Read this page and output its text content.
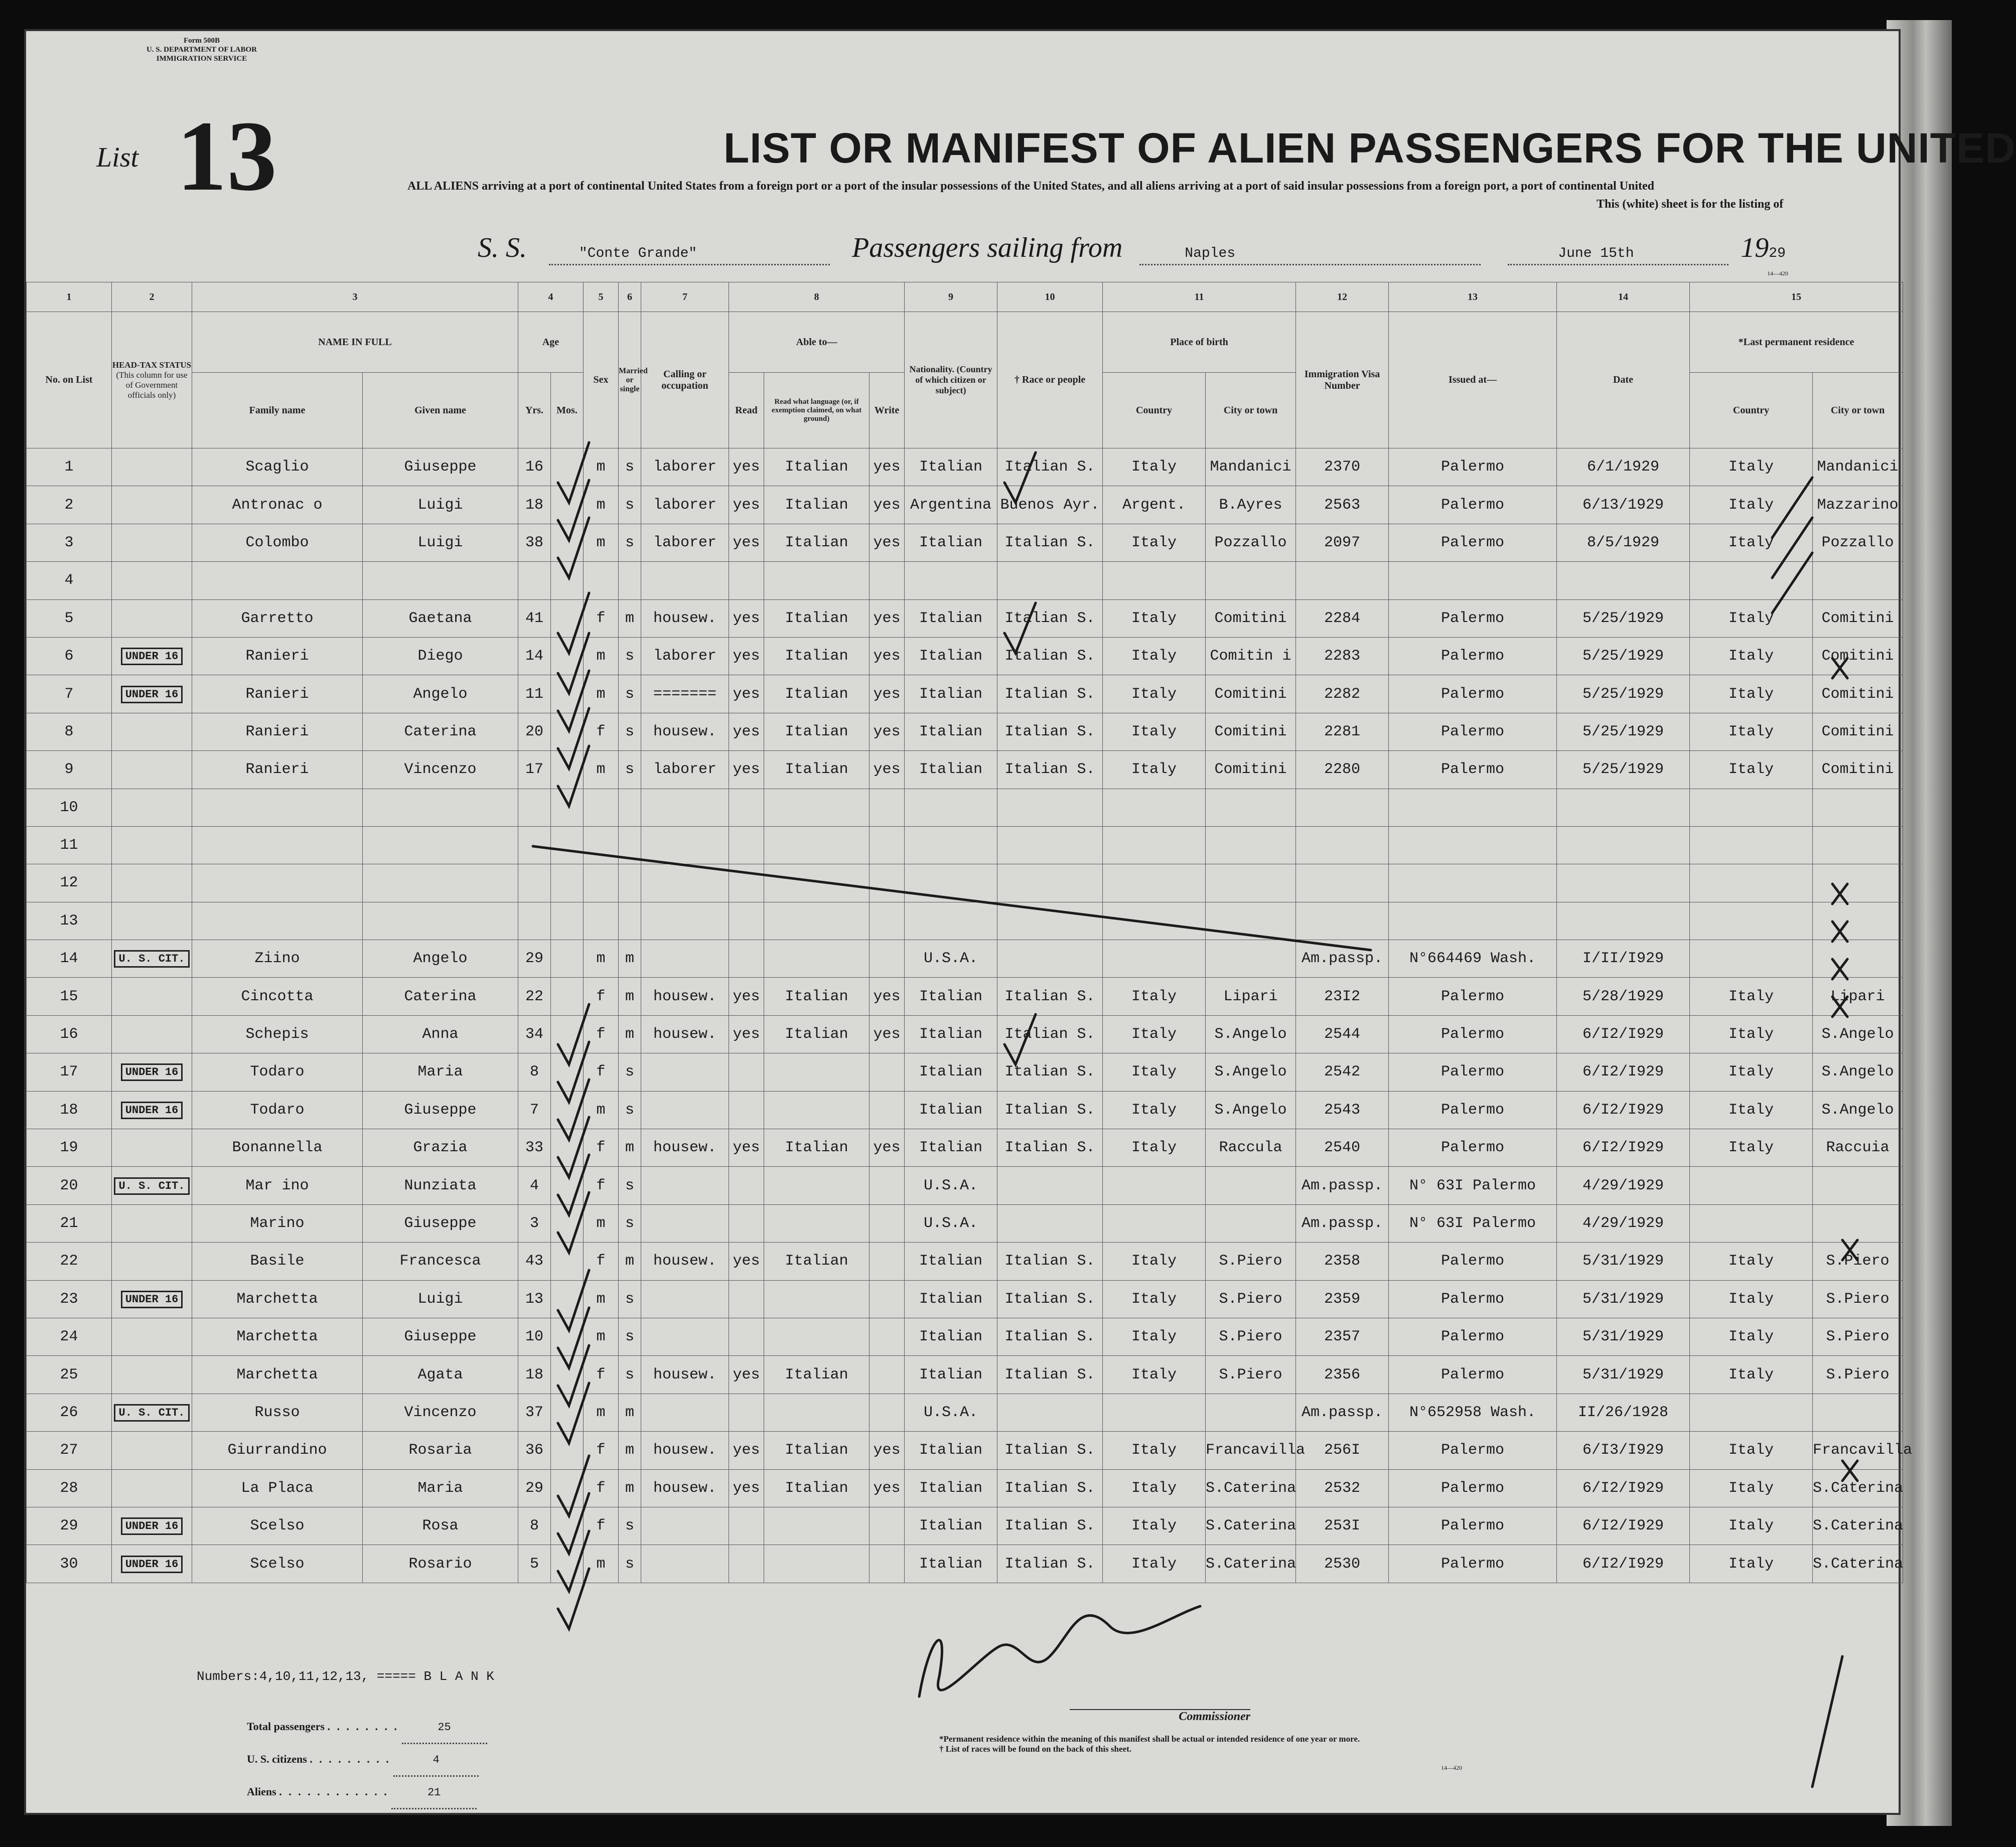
Form 500B
U. S. DEPARTMENT OF LABOR
IMMIGRATION SERVICE
List 13	LIST OR MANIFEST OF ALIEN PASSENGERS FOR THE UNITED
ALL ALIENS arriving at a port of continental United States from a foreign port or a port of the insular possessions of the United States, and all aliens arriving at a port of said insular possessions from a foreign port, a port of continental United
This (white) sheet is for the listing of
S. S.	"Conte Grande"	Passengers sailing from	Naples	June 15th	1929
14—420
1	2	3		4		5	6	7	8			9	10	11		12	13	14	15	
No. on List	HEAD-TAX STATUS
(This column for use of Government officials only)	NAME IN FULL		Age		Sex	Married or single	Calling or occupation	Able to—			Nationality. (Country of which citizen or subject)	† Race or people	Place of birth		Immigration Visa Number	Issued at—	Date	*Last permanent residence	
		Family name	Given name	Yrs.	Mos.				Read	Read what language (or, if exemption claimed, on what ground)	Write			Country	City or town				Country	City or town
1		Scaglio	Giuseppe	16		m	s	laborer	yes	Italian	yes	Italian	Italian S.	Italy	Mandanici	2370	Palermo	6/1/1929	Italy	Mandanici
2		Antronac o	Luigi	18		m	s	laborer	yes	Italian	yes	Argentina	Buenos Ayr.	Argent.	B.Ayres	2563	Palermo	6/13/1929	Italy	Mazzarino
3		Colombo	Luigi	38		m	s	laborer	yes	Italian	yes	Italian	Italian S.	Italy	Pozzallo	2097	Palermo	8/5/1929	Italy	Pozzallo
4																				
5		Garretto	Gaetana	41		f	m	housew.	yes	Italian	yes	Italian	Italian S.	Italy	Comitini	2284	Palermo	5/25/1929	Italy	Comitini
6	UNDER 16	Ranieri	Diego	14		m	s	laborer	yes	Italian	yes	Italian	Italian S.	Italy	Comitin i	2283	Palermo	5/25/1929	Italy	Comitini
7	UNDER 16	Ranieri	Angelo	11		m	s	=======	yes	Italian	yes	Italian	Italian S.	Italy	Comitini	2282	Palermo	5/25/1929	Italy	Comitini
8		Ranieri	Caterina	20		f	s	housew.	yes	Italian	yes	Italian	Italian S.	Italy	Comitini	2281	Palermo	5/25/1929	Italy	Comitini
9		Ranieri	Vincenzo	17		m	s	laborer	yes	Italian	yes	Italian	Italian S.	Italy	Comitini	2280	Palermo	5/25/1929	Italy	Comitini
10																				
11																				
12																				
13																				
14	U. S. CIT.	Ziino	Angelo	29		m	m					U.S.A.				Am.passp.	N°664469 Wash.	I/II/I929		
15		Cincotta	Caterina	22		f	m	housew.	yes	Italian	yes	Italian	Italian S.	Italy	Lipari	23I2	Palermo	5/28/1929	Italy	Lipari
16		Schepis	Anna	34		f	m	housew.	yes	Italian	yes	Italian	Italian S.	Italy	S.Angelo	2544	Palermo	6/I2/I929	Italy	S.Angelo
17	UNDER 16	Todaro	Maria	8		f	s					Italian	Italian S.	Italy	S.Angelo	2542	Palermo	6/I2/I929	Italy	S.Angelo
18	UNDER 16	Todaro	Giuseppe	7		m	s					Italian	Italian S.	Italy	S.Angelo	2543	Palermo	6/I2/I929	Italy	S.Angelo
19		Bonannella	Grazia	33		f	m	housew.	yes	Italian	yes	Italian	Italian S.	Italy	Raccula	2540	Palermo	6/I2/I929	Italy	Raccuia
20	U. S. CIT.	Mar ino	Nunziata	4		f	s					U.S.A.				Am.passp.	N° 63I Palermo	4/29/1929		
21		Marino	Giuseppe	3		m	s					U.S.A.				Am.passp.	N° 63I Palermo	4/29/1929		
22		Basile	Francesca	43		f	m	housew.	yes	Italian		Italian	Italian S.	Italy	S.Piero	2358	Palermo	5/31/1929	Italy	S.Piero
23	UNDER 16	Marchetta	Luigi	13		m	s					Italian	Italian S.	Italy	S.Piero	2359	Palermo	5/31/1929	Italy	S.Piero
24		Marchetta	Giuseppe	10		m	s					Italian	Italian S.	Italy	S.Piero	2357	Palermo	5/31/1929	Italy	S.Piero
25		Marchetta	Agata	18		f	s	housew.	yes	Italian		Italian	Italian S.	Italy	S.Piero	2356	Palermo	5/31/1929	Italy	S.Piero
26	U. S. CIT.	Russo	Vincenzo	37		m	m					U.S.A.				Am.passp.	N°652958 Wash.	II/26/1928		
27		Giurrandino	Rosaria	36		f	m	housew.	yes	Italian	yes	Italian	Italian S.	Italy	Francavilla	256I	Palermo	6/I3/I929	Italy	Francavilla
28		La Placa	Maria	29		f	m	housew.	yes	Italian	yes	Italian	Italian S.	Italy	S.Caterina	2532	Palermo	6/I2/I929	Italy	S.Caterina
29	UNDER 16	Scelso	Rosa	8		f	s					Italian	Italian S.	Italy	S.Caterina	253I	Palermo	6/I2/I929	Italy	S.Caterina
30	UNDER 16	Scelso	Rosario	5		m	s					Italian	Italian S.	Italy	S.Caterina	2530	Palermo	6/I2/I929	Italy	S.Caterina
Numbers:4,10,11,12,13, ===== B L A N K
Total passengers . . . . . . . .	25
U. S. citizens . . . . . . . . .	4
Aliens . . . . . . . . . . . .	21
Commissioner
*Permanent residence within the meaning of this manifest shall be actual or intended residence of one year or more.
† List of races will be found on the back of this sheet.
14—420
